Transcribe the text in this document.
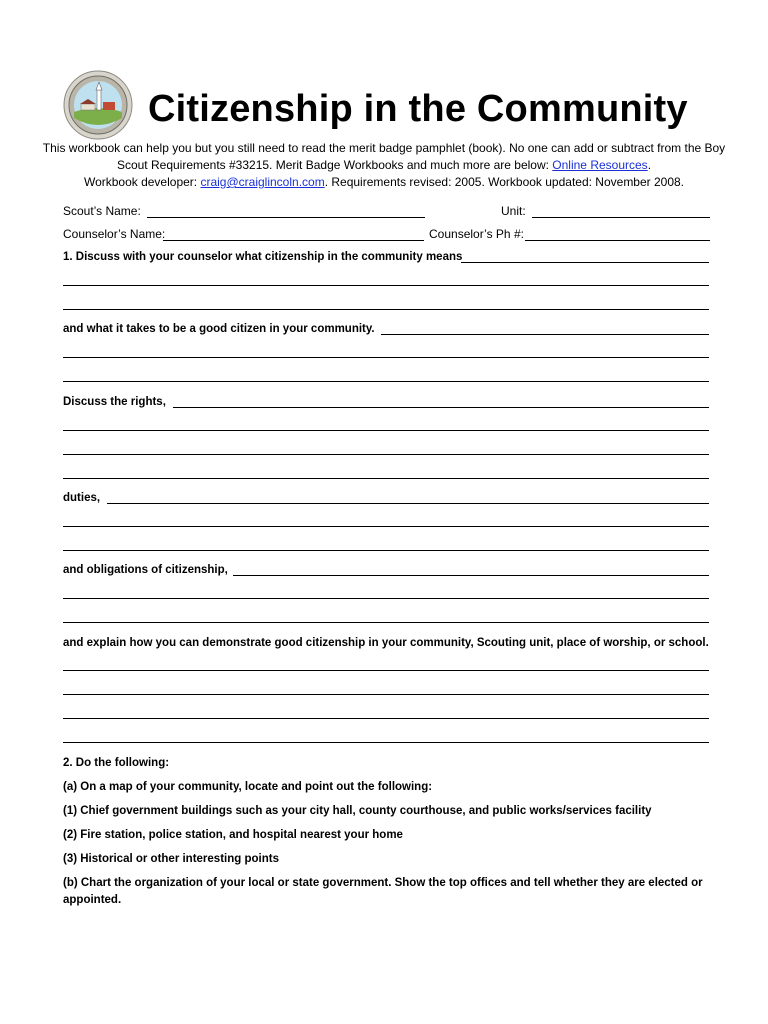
Citizenship in the Community
This workbook can help you but you still need to read the merit badge pamphlet (book). No one can add or subtract from the Boy
Scout Requirements #33215. Merit Badge Workbooks and much more are below: Online Resources.
Workbook developer: craig@craiglincoln.com. Requirements revised: 2005. Workbook updated: November 2008.
Scout’s Name:	Unit:
Counselor’s Name:	Counselor’s Ph #:
1. Discuss with your counselor what citizenship in the community means
and what it takes to be a good citizen in your community.
Discuss the rights,
duties,
and obligations of citizenship,
and explain how you can demonstrate good citizenship in your community, Scouting unit, place of worship, or school.
2. Do the following:
(a) On a map of your community, locate and point out the following:
(1) Chief government buildings such as your city hall, county courthouse, and public works/services facility
(2) Fire station, police station, and hospital nearest your home
(3) Historical or other interesting points
(b) Chart the organization of your local or state government. Show the top offices and tell whether they are elected or appointed.
